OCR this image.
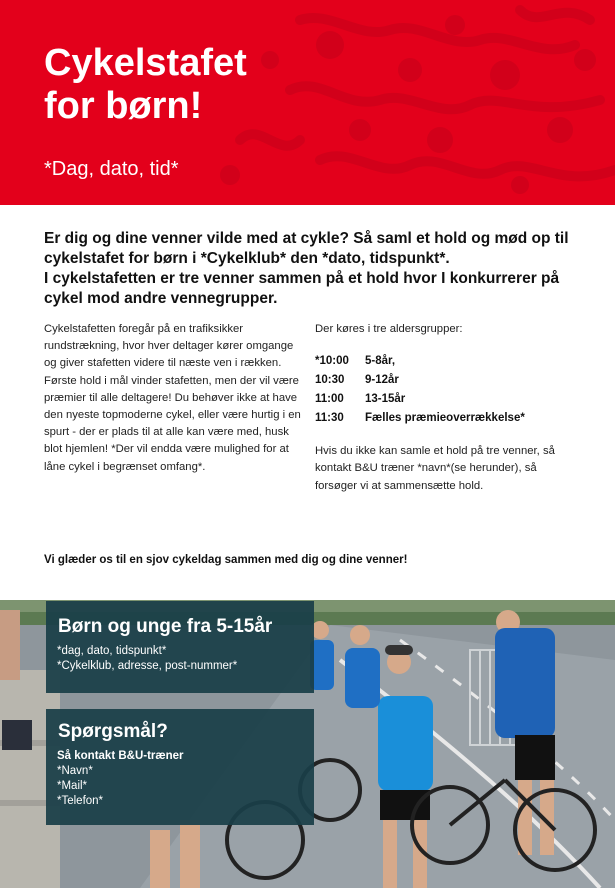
Cykelstafet
for børn!
*Dag, dato, tid*

Er dig og dine venner vilde med at cykle? Så saml et hold og mød op til cykelstafet for børn i *Cykelklub* den *dato, tidspunkt*.

I cykelstafetten er tre venner sammen på et hold hvor I konkurrerer på cykel mod andre vennegrupper.

Cykelstafetten foregår på en trafiksikker rundstrækning, hvor hver deltager kører omgange og giver stafetten videre til næste ven i rækken. Første hold i mål vinder stafetten, men der vil være præmier til alle deltagere! Du behøver ikke at have den nyeste topmoderne cykel, eller være hurtig i en spurt - der er plads til at alle kan være med, husk blot hjemlen! *Der vil endda være mulighed for at låne cykel i begrænset omfang*.

Der køres i tre aldersgrupper:

*10:00	5-8år,
10:30	9-12år
11:00	13-15år
11:30	Fælles præmieoverrækkelse*

Hvis du ikke kan samle et hold på tre venner, så kontakt B&U træner *navn*(se herunder), så forsøger vi at sammensætte hold.

Vi glæder os til en sjov cykeldag sammen med dig og dine venner!
Børn og unge fra 5-15år
*dag, dato, tidspunkt*
*Cykelklub, adresse, post-nummer*
Spørgsmål?
Så kontakt B&U-træner
*Navn*
*Mail*
*Telefon*
